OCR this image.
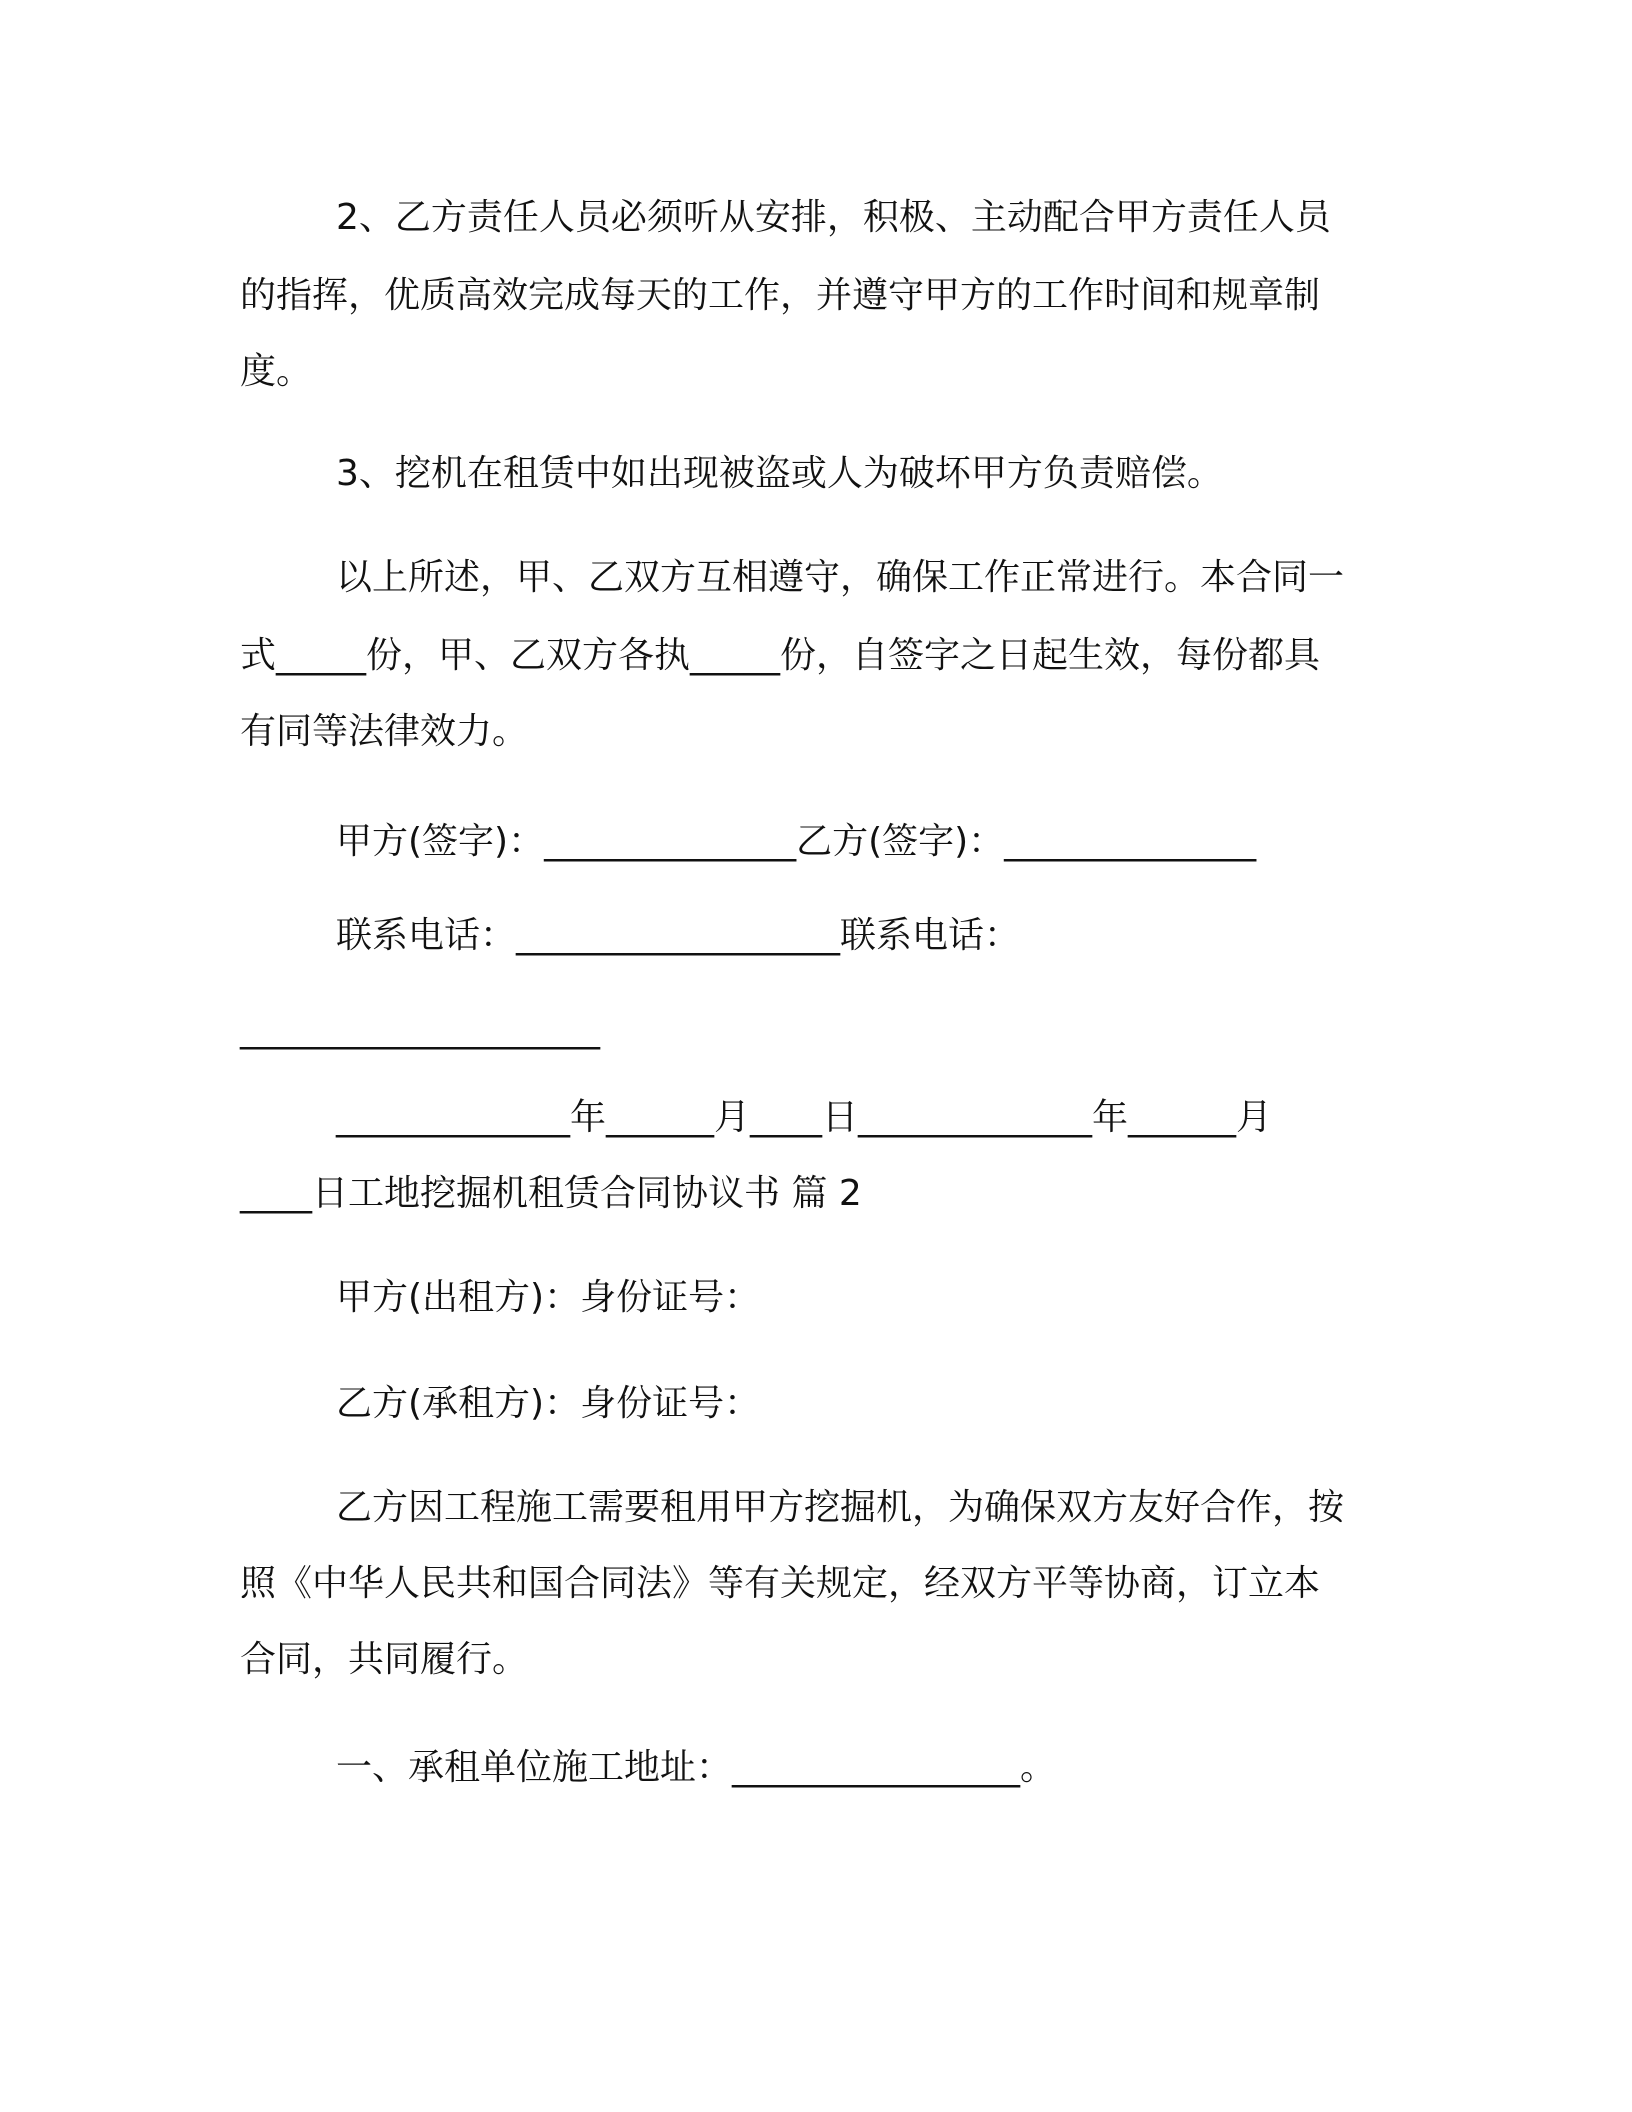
2、乙方责任人员必须听从安排，积极、主动配合甲方责任人员

的指挥，优质高效完成每天的工作，并遵守甲方的工作时间和规章制

度。

3、挖机在租赁中如出现被盗或人为破坏甲方负责赔偿。

以上所述，甲、乙双方互相遵守，确保工作正常进行。本合同一

式_____份，甲、乙双方各执_____份，自签字之日起生效，每份都具

有同等法律效力。

甲方(签字)：______________乙方(签字)：______________

联系电话：__________________联系电话：

____________________

_____________年______月____日_____________年______月

____日工地挖掘机租赁合同协议书 篇 2

甲方(出租方)：身份证号：

乙方(承租方)：身份证号：

乙方因工程施工需要租用甲方挖掘机，为确保双方友好合作，按

照《中华人民共和国合同法》等有关规定，经双方平等协商，订立本

合同，共同履行。

一、承租单位施工地址：________________。
